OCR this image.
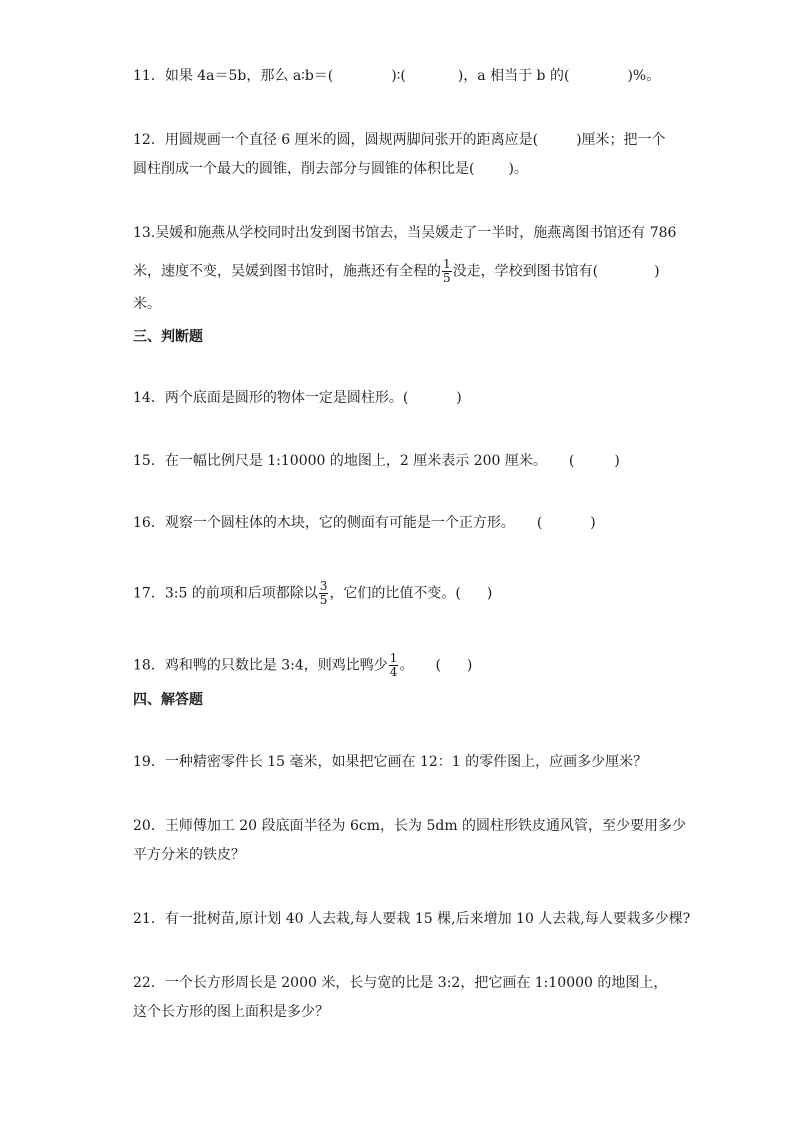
11．如果 4a＝5b，那么 a∶b＝(	)∶(	)，a 相当于 b 的(	)%。
12．用圆规画一个直径 6 厘米的圆，圆规两脚间张开的距离应是(	)厘米；把一个
圆柱削成一个最大的圆锥，削去部分与圆锥的体积比是( )。
13.吴媛和施燕从学校同时出发到图书馆去，当吴媛走了一半时，施燕离图书馆还有 786
米，速度不变，吴媛到图书馆时，施燕还有全程的 $\frac{1}{5}$ 没走，学校到图书馆有(	)
米。
三、判断题
14．两个底面是圆形的物体一定是圆柱形。(	)
15．在一幅比例尺是 1:10000 的地图上，2 厘米表示 200 厘米。 (	)
16．观察一个圆柱体的木块，它的侧面有可能是一个正方形。 (	)
17．3:5 的前项和后项都除以 $\frac{3}{5}$ ，它们的比值不变。( )
18．鸡和鸭的只数比是 3:4，则鸡比鸭少 $\frac{1}{4}$ 。 ( )
四、解答题
19．一种精密零件长 15 毫米，如果把它画在 12：1 的零件图上，应画多少厘米？
20．王师傅加工 20 段底面半径为 6cm，长为 5dm 的圆柱形铁皮通风管，至少要用多少
平方分米的铁皮？
21．有一批树苗,原计划 40 人去栽,每人要栽 15 棵,后来增加 10 人去栽,每人要栽多少棵?
22．一个长方形周长是 2000 米，长与宽的比是 3:2，把它画在 1:10000 的地图上，
这个长方形的图上面积是多少？
